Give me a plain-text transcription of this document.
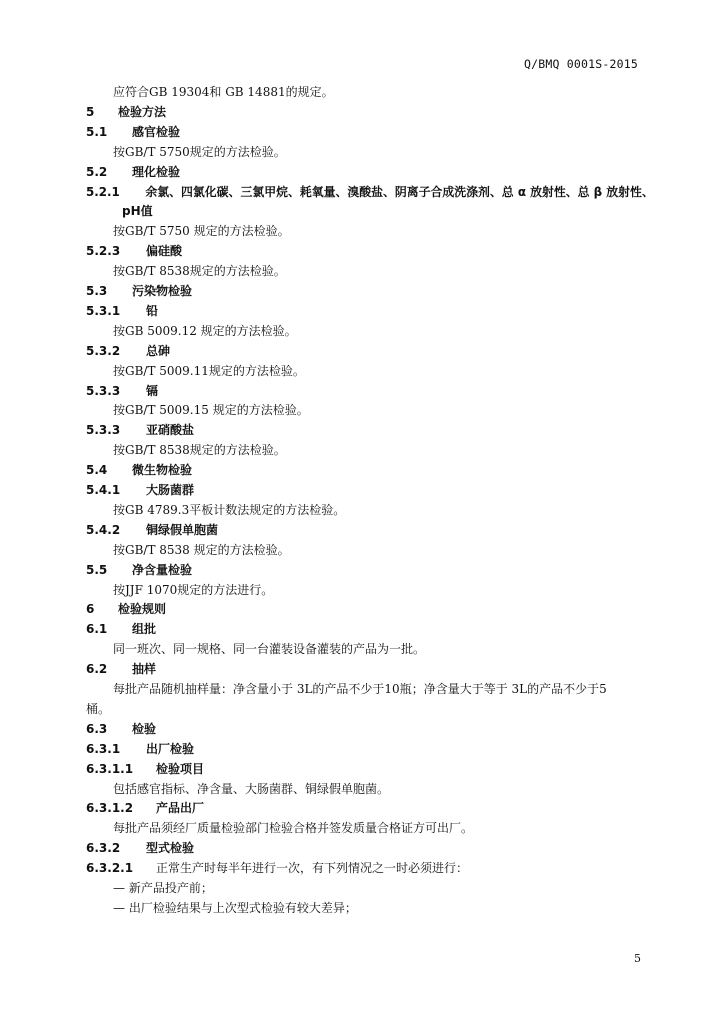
Q/BMQ 0001S-2015
应符合GB 19304和 GB 14881的规定。
5 检验方法
5.1 感官检验
按GB/T 5750规定的方法检验。
5.2 理化检验
5.2.1 余氯、四氯化碳、三氯甲烷、耗氧量、溴酸盐、阴离子合成洗涤剂、总 α 放射性、总 β 放射性、
pH值
按GB/T 5750 规定的方法检验。
5.2.3 偏硅酸
按GB/T 8538规定的方法检验。
5.3 污染物检验
5.3.1 铅
按GB 5009.12 规定的方法检验。
5.3.2 总砷
按GB/T 5009.11规定的方法检验。
5.3.3 镉
按GB/T 5009.15 规定的方法检验。
5.3.3 亚硝酸盐
按GB/T 8538规定的方法检验。
5.4 微生物检验
5.4.1 大肠菌群
按GB 4789.3平板计数法规定的方法检验。
5.4.2 铜绿假单胞菌
按GB/T 8538 规定的方法检验。
5.5 净含量检验
按JJF 1070规定的方法进行。
6 检验规则
6.1 组批
同一班次、同一规格、同一台灌装设备灌装的产品为一批。
6.2 抽样
每批产品随机抽样量：净含量小于 3L的产品不少于10瓶；净含量大于等于 3L的产品不少于5
桶。
6.3 检验
6.3.1 出厂检验
6.3.1.1 检验项目
包括感官指标、净含量、大肠菌群、铜绿假单胞菌。
6.3.1.2 产品出厂
每批产品须经厂质量检验部门检验合格并签发质量合格证方可出厂。
6.3.2 型式检验
6.3.2.1 正常生产时每半年进行一次，有下列情况之一时必须进行：
— 新产品投产前；
— 出厂检验结果与上次型式检验有较大差异；
5
